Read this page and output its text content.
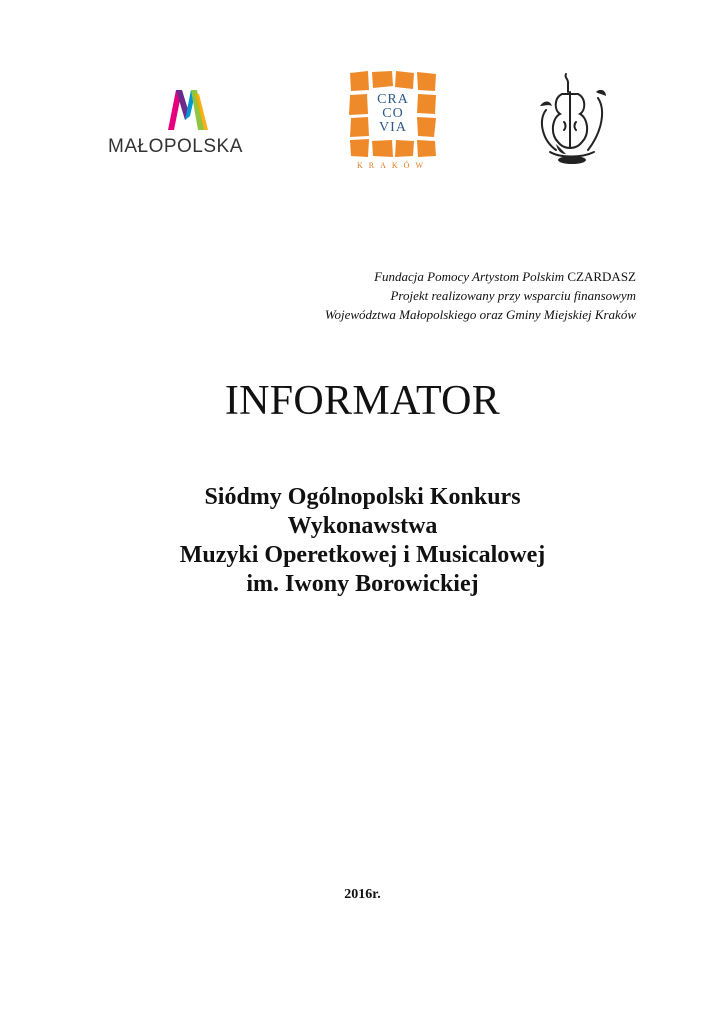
MAŁOPOLSKA
CRA
CO
VIA
KRAKÓW
Fundacja Pomocy Artystom Polskim CZARDASZ
Projekt realizowany przy wsparciu finansowym
Województwa Małopolskiego oraz Gminy Miejskiej Kraków
INFORMATOR
Siódmy Ogólnopolski Konkurs
Wykonawstwa
Muzyki Operetkowej i Musicalowej
im. Iwony Borowickiej
2016r.
